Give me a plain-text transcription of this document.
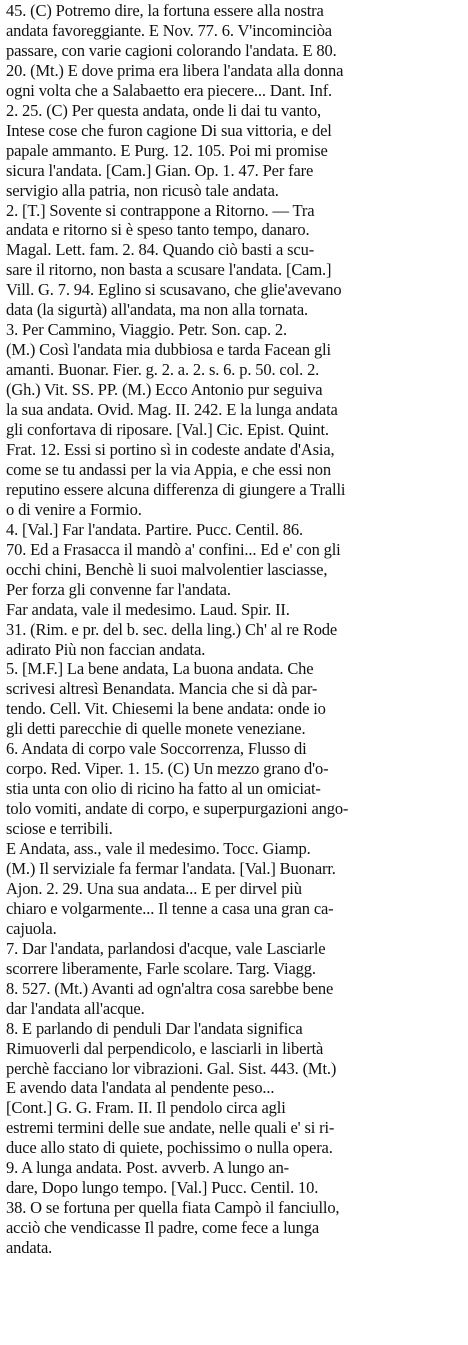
45. (C) Potremo dire, la fortuna essere alla nostra
andata favoreggiante. E Nov. 77. 6. V'incominciòa
passare, con varie cagioni colorando l'andata. E 80.
20. (Mt.) E dove prima era libera l'andata alla donna
ogni volta che a Salabaetto era piecere... Dant. Inf.
2. 25. (C) Per questa andata, onde li dai tu vanto,
Intese cose che furon cagione Di sua vittoria, e del
papale ammanto. E Purg. 12. 105. Poi mi promise
sicura l'andata. [Cam.] Gian. Op. 1. 47. Per fare
servigio alla patria, non ricusò tale andata.
2. [T.] Sovente si contrappone a Ritorno. — Tra
andata e ritorno si è speso tanto tempo, danaro.
Magal. Lett. fam. 2. 84. Quando ciò basti a scu-
sare il ritorno, non basta a scusare l'andata. [Cam.]
Vill. G. 7. 94. Eglino si scusavano, che glie'avevano
data (la sigurtà) all'andata, ma non alla tornata.
3. Per Cammino, Viaggio. Petr. Son. cap. 2.
(M.) Così l'andata mia dubbiosa e tarda Facean gli
amanti. Buonar. Fier. g. 2. a. 2. s. 6. p. 50. col. 2.
(Gh.) Vit. SS. PP. (M.) Ecco Antonio pur seguiva
la sua andata. Ovid. Mag. II. 242. E la lunga andata
gli confortava di riposare. [Val.] Cic. Epist. Quint.
Frat. 12. Essi si portino sì in codeste andate d'Asia,
come se tu andassi per la via Appia, e che essi non
reputino essere alcuna differenza di giungere a Tralli
o di venire a Formio.
4. [Val.] Far l'andata. Partire. Pucc. Centil. 86.
70. Ed a Frasacca il mandò a' confini... Ed e' con gli
occhi chini, Benchè li suoi malvolentier lasciasse,
Per forza gli convenne far l'andata.
Far andata, vale il medesimo. Laud. Spir. II.
31. (Rim. e pr. del b. sec. della ling.) Ch' al re Rode
adirato Più non faccian andata.
5. [M.F.] La bene andata, La buona andata. Che
scrivesi altresì Benandata. Mancia che si dà par-
tendo. Cell. Vit. Chiesemi la bene andata: onde io
gli detti parecchie di quelle monete veneziane.
6. Andata di corpo vale Soccorrenza, Flusso di
corpo. Red. Viper. 1. 15. (C) Un mezzo grano d'o-
stia unta con olio di ricino ha fatto al un omiciat-
tolo vomiti, andate di corpo, e superpurgazioni ango-
sciose e terribili.
E Andata, ass., vale il medesimo. Tocc. Giamp.
(M.) Il serviziale fa fermar l'andata. [Val.] Buonarr.
Ajon. 2. 29. Una sua andata... E per dirvel più
chiaro e volgarmente... Il tenne a casa una gran ca-
cajuola.
7. Dar l'andata, parlandosi d'acque, vale Lasciarle
scorrere liberamente, Farle scolare. Targ. Viagg.
8. 527. (Mt.) Avanti ad ogn'altra cosa sarebbe bene
dar l'andata all'acque.
8. E parlando di penduli Dar l'andata significa
Rimuoverli dal perpendicolo, e lasciarli in libertà
perchè facciano lor vibrazioni. Gal. Sist. 443. (Mt.)
E avendo data l'andata al pendente peso...
[Cont.] G. G. Fram. II. Il pendolo circa agli
estremi termini delle sue andate, nelle quali e' si ri-
duce allo stato di quiete, pochissimo o nulla opera.
9. A lunga andata. Post. avverb. A lungo an-
dare, Dopo lungo tempo. [Val.] Pucc. Centil. 10.
38. O se fortuna per quella fiata Campò il fanciullo,
acciò che vendicasse Il padre, come fece a lunga
andata.
